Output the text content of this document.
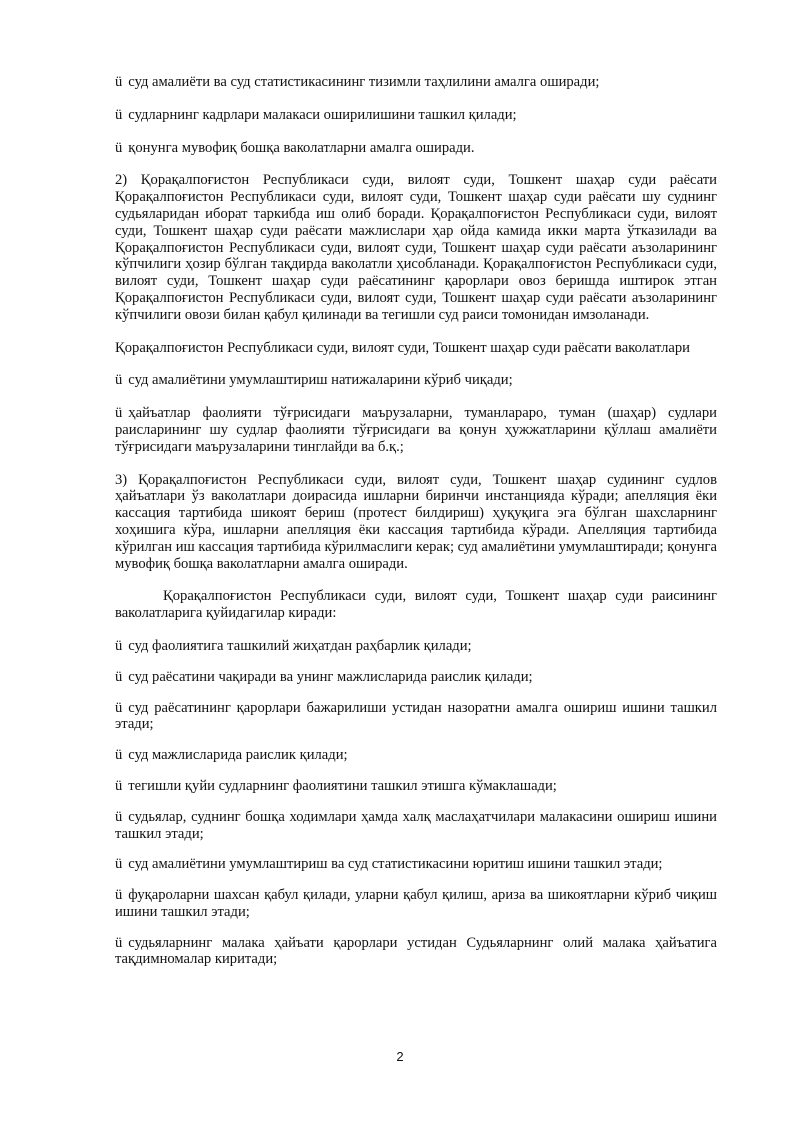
ü суд амалиёти ва суд статистикасининг тизимли таҳлилини амалга оширади;

ü судларнинг кадрлари малакаси оширилишини ташкил қилади;

ü қонунга мувофиқ бошқа ваколатларни амалга оширади.

2) Қорақалпоғистон Республикаси суди, вилоят суди, Тошкент шаҳар суди раёсати Қорақалпоғистон Республикаси суди, вилоят суди, Тошкент шаҳар суди раёсати шу суднинг судьяларидан иборат таркибда иш олиб боради. Қорақалпоғистон Республикаси суди, вилоят суди, Тошкент шаҳар суди раёсати мажлислари ҳар ойда камида икки марта ўтказилади ва Қорақалпоғистон Республикаси суди, вилоят суди, Тошкент шаҳар суди раёсати аъзоларининг кўпчилиги ҳозир бўлган тақдирда ваколатли ҳисобланади. Қорақалпоғистон Республикаси суди, вилоят суди, Тошкент шаҳар суди раёсатининг қарорлари овоз беришда иштирок этган Қорақалпоғистон Республикаси суди, вилоят суди, Тошкент шаҳар суди раёсати аъзоларининг кўпчилиги овози билан қабул қилинади ва тегишли суд раиси томонидан имзоланади.

Қорақалпоғистон Республикаси суди, вилоят суди, Тошкент шаҳар суди раёсати ваколатлари

ü суд амалиётини умумлаштириш натижаларини кўриб чиқади;

ü ҳайъатлар фаолияти тўғрисидаги маърузаларни, туманлараро, туман (шаҳар) судлари раисларининг шу судлар фаолияти тўғрисидаги ва қонун ҳужжатларини қўллаш амалиёти тўғрисидаги маърузаларини тинглайди ва б.қ.;

3) Қорақалпоғистон Республикаси суди, вилоят суди, Тошкент шаҳар судининг судлов ҳайъатлари ўз ваколатлари доирасида ишларни биринчи инстанцияда кўради; апелляция ёки кассация тартибида шикоят бериш (протест билдириш) ҳуқуқига эга бўлган шахсларнинг хоҳишига кўра, ишларни апелляция ёки кассация тартибида кўради. Апелляция тартибида кўрилган иш кассация тартибида кўрилмаслиги керак; суд амалиётини умумлаштиради; қонунга мувофиқ бошқа ваколатларни амалга оширади.

Қорақалпоғистон Республикаси суди, вилоят суди, Тошкент шаҳар суди раисининг ваколатларига қуйидагилар киради:

ü суд фаолиятига ташкилий жиҳатдан раҳбарлик қилади;

ü суд раёсатини чақиради ва унинг мажлисларида раислик қилади;

ü суд раёсатининг қарорлари бажарилиши устидан назоратни амалга ошириш ишини ташкил этади;

ü суд мажлисларида раислик қилади;

ü тегишли қуйи судларнинг фаолиятини ташкил этишга кўмаклашади;

ü судьялар, суднинг бошқа ходимлари ҳамда халқ маслаҳатчилари малакасини ошириш ишини ташкил этади;

ü суд амалиётини умумлаштириш ва суд статистикасини юритиш ишини ташкил этади;

ü фуқароларни шахсан қабул қилади, уларни қабул қилиш, ариза ва шикоятларни кўриб чиқиш ишини ташкил этади;

ü судьяларнинг малака ҳайъати қарорлари устидан Судьяларнинг олий малака ҳайъатига тақдимномалар киритади;

2
